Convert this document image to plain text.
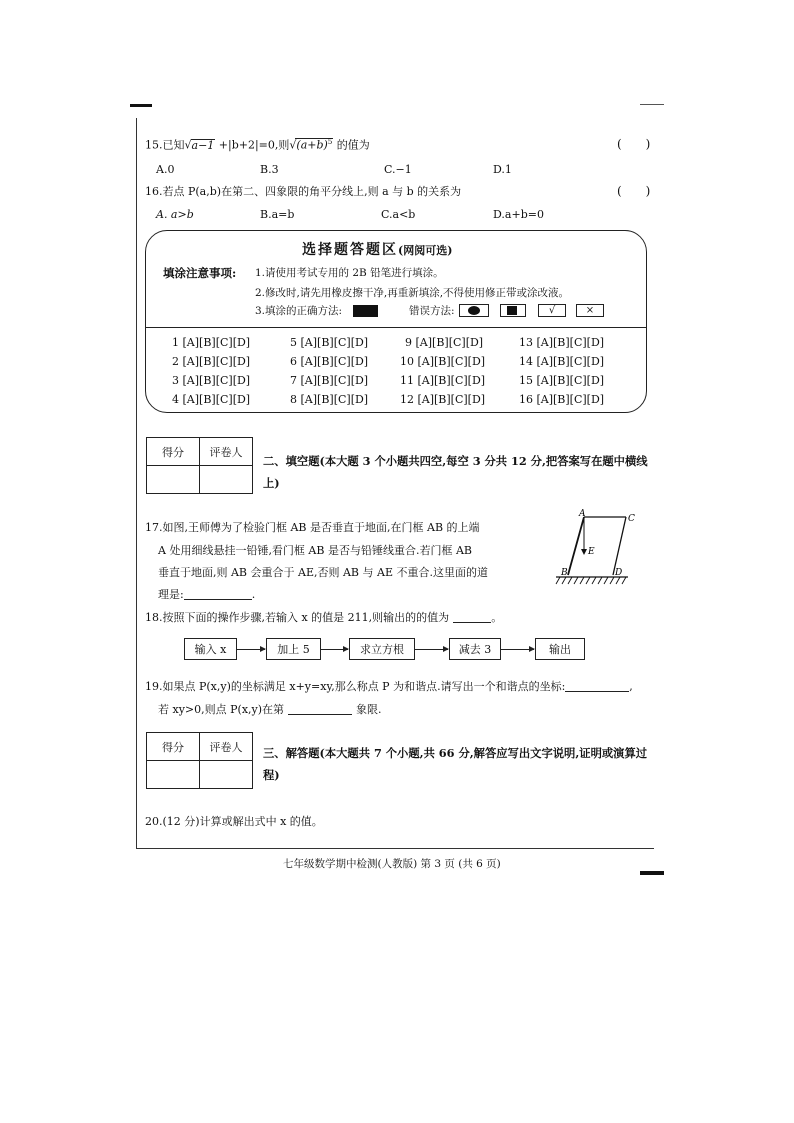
15.已知√a−1 +|b+2|=0,则$√(a+b)^5$ 的值为	(　　)
A.0	B.3	C.−1	D.1
16.若点 P(a,b)在第二、四象限的角平分线上,则 a 与 b 的关系为	(　　)
A. a>b	B.a=b	C.a<b	D.a+b=0
选择题答题区(网阅可选)
填涂注意事项: 1.请使用考试专用的 2B 铅笔进行填涂。
2.修改时,请先用橡皮擦干净,再重新填涂,不得使用修正带或涂改液。
3.填涂的正确方法:	错误方法:	√	×
1 [A][B][C][D]	5 [A][B][C][D]	9 [A][B][C][D]	13 [A][B][C][D]
2 [A][B][C][D]	6 [A][B][C][D]	10 [A][B][C][D]	14 [A][B][C][D]
3 [A][B][C][D]	7 [A][B][C][D]	11 [A][B][C][D]	15 [A][B][C][D]
4 [A][B][C][D]	8 [A][B][C][D]	12 [A][B][C][D]	16 [A][B][C][D]
得分	评卷人

二、填空题(本大题 3 个小题共四空,每空 3 分共 12 分,把答案写在题中横线
上)
17.如图,王师傅为了检验门框 AB 是否垂直于地面,在门框 AB 的上端
A 处用细线悬挂一铅锤,看门框 AB 是否与铅锤线重合.若门框 AB
垂直于地面,则 AB 会重合于 AE,否则 AB 与 AE 不重合.这里面的道
理是:	.
A	C
E
B	D
18.按照下面的操作步骤,若输入 x 的值是 211,则输出的的值为	。
输入 x	加上 5	求立方根	减去 3	输出
19.如果点 P(x,y)的坐标满足 x+y=xy,那么称点 P 为和谐点.请写出一个和谐点的坐标:	,
若 xy>0,则点 P(x,y)在第	象限.
得分	评卷人
	三、解答题(本大题共 7 个小题,共 66 分,解答应写出文字说明,证明或演算过
程)
20.(12 分)计算或解出式中 x 的值。
七年级数学期中检测(人教版) 第 3 页 (共 6 页)
